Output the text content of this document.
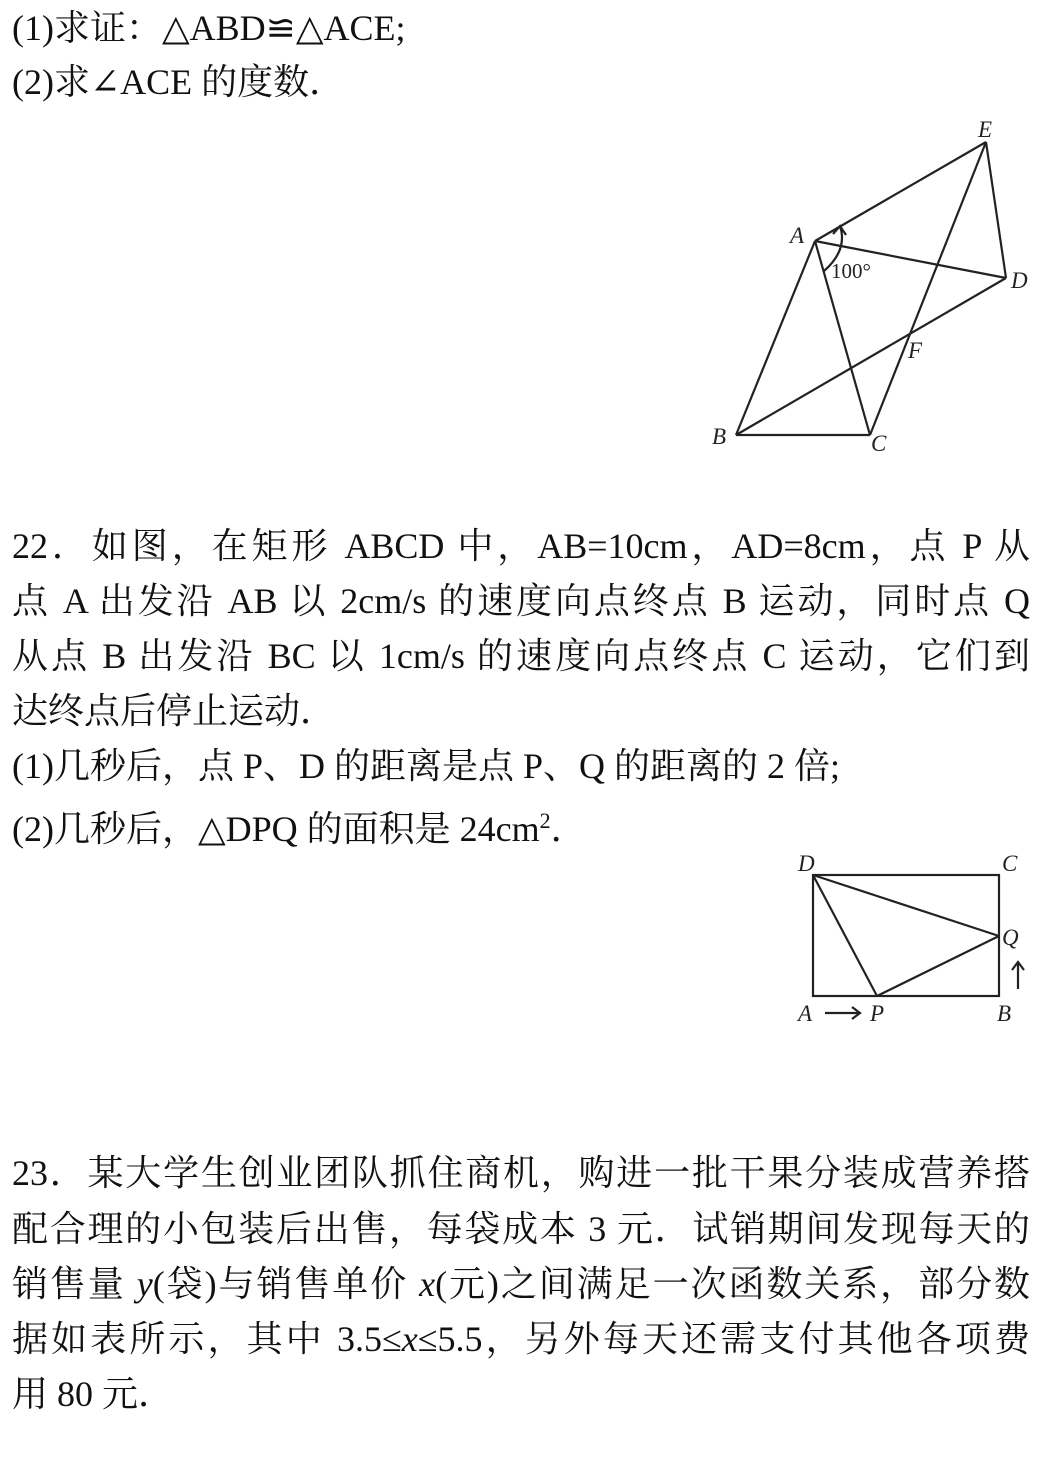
(1)求证：△ABD≌△ACE;
(2)求∠ACE 的度数．
A
E
D
F
B	C
100°
22．如图，在矩形 ABCD 中，AB=10cm，AD=8cm，点 P 从
点 A 出发沿 AB 以 2cm/s 的速度向点终点 B 运动，同时点 Q
从点 B 出发沿 BC 以 1cm/s 的速度向点终点 C 运动，它们到
达终点后停止运动．
(1)几秒后，点 P、D 的距离是点 P、Q 的距离的 2 倍;
(2)几秒后，△DPQ 的面积是 $24cm^2$．
D	C
Q
A	P	B
23．某大学生创业团队抓住商机，购进一批干果分装成营养搭
配合理的小包装后出售，每袋成本 3 元．试销期间发现每天的
销售量 y(袋)与销售单价 x(元)之间满足一次函数关系，部分数
据如表所示，其中 3.5≤x≤5.5，另外每天还需支付其他各项费
用 80 元．
